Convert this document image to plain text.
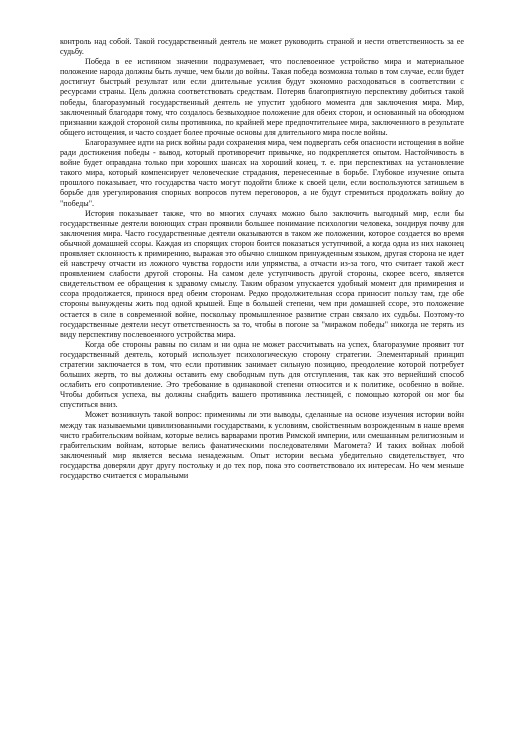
контроль над собой. Такой государственный деятель не может руководить страной и нести ответственность за ее судьбу.

Победа в ее истинном значении подразумевает, что послевоенное устройство мира и материальное положение народа должны быть лучше, чем были до войны. Такая победа возможна только в том случае, если будет достигнут быстрый результат или если длительные усилия будут экономно расходоваться в соответствии с ресурсами страны. Цель должна соответствовать средствам. Потеряв благоприятную перспективу добиться такой победы, благоразумный государственный деятель не упустит удобного момента для заключения мира. Мир, заключенный благодаря тому, что создалось безвыходное положение для обеих сторон, и основанный на обоюдном признании каждой стороной силы противника, по крайней мере предпочтительнее мира, заключенного в результате общего истощения, и часто создает более прочные основы для длительного мира после войны.

Благоразумнее идти на риск войны ради сохранения мира, чем подвергать себя опасности истощения в войне ради достижения победы - вывод, который противоречит привычке, но подкрепляется опытом. Настойчивость в войне будет оправдана только при хороших шансах на хороший конец, т. е. при перспективах на установление такого мира, который компенсирует человеческие страдания, перенесенные в борьбе. Глубокое изучение опыта прошлого показывает, что государства часто могут подойти ближе к своей цели, если воспользуются затишьем в борьбе для урегулирования спорных вопросов путем переговоров, а не будут стремиться продолжать войну до "победы".

История показывает также, что во многих случаях можно было заключить выгодный мир, если бы государственные деятели воюющих стран проявили большее понимание психологии человека, зондируя почву для заключения мира. Часто государственные деятели оказываются в таком же положении, которое создается во время обычной домашней ссоры. Каждая из спорящих сторон боится показаться уступчивой, а когда одна из них наконец проявляет склонность к примирению, выражая это обычно слишком принужденным языком, другая сторона не идет ей навстречу отчасти из ложного чувства гордости или упрямства, а отчасти из-за того, что считает такой жест проявлением слабости другой стороны. На самом деле уступчивость другой стороны, скорее всего, является свидетельством ее обращения к здравому смыслу. Таким образом упускается удобный момент для примирения и ссора продолжается, принося вред обеим сторонам. Редко продолжительная ссора приносит пользу там, где обе стороны вынуждены жить под одной крышей. Еще в большей степени, чем при домашней ссоре, это положение остается в силе в современной войне, поскольку промышленное развитие стран связало их судьбы. Поэтому-то государственные деятели несут ответственность за то, чтобы в погоне за "миражом победы" никогда не терять из виду перспективу послевоенного устройства мира.

Когда обе стороны равны по силам и ни одна не может рассчитывать на успех, благоразумие проявит тот государственный деятель, который использует психологическую сторону стратегии. Элементарный принцип стратегии заключается в том, что если противник занимает сильную позицию, преодоление которой потребует больших жертв, то вы должны оставить ему свободным путь для отступления, так как это вернейший способ ослабить его сопротивление. Это требование в одинаковой степени относится и к политике, особенно в войне. Чтобы добиться успеха, вы должны снабдить вашего противника лестницей, с помощью которой он мог бы спуститься вниз.

Может возникнуть такой вопрос: применимы ли эти выводы, сделанные на основе изучения истории войн между так называемыми цивилизованными государствами, к условиям, свойственным возрожденным в наше время чисто грабительским войнам, которые велись варварами против Римской империи, или смешанным религиозным и грабительским войнам, которые велись фанатическими последователями Магомета? И таких войнах любой заключенный мир является весьма ненадежным. Опыт истории весьма убедительно свидетельствует, что государства доверяли друг другу постольку и до тех пор, пока это соответствовало их интересам. Но чем меньше государство считается с моральными
